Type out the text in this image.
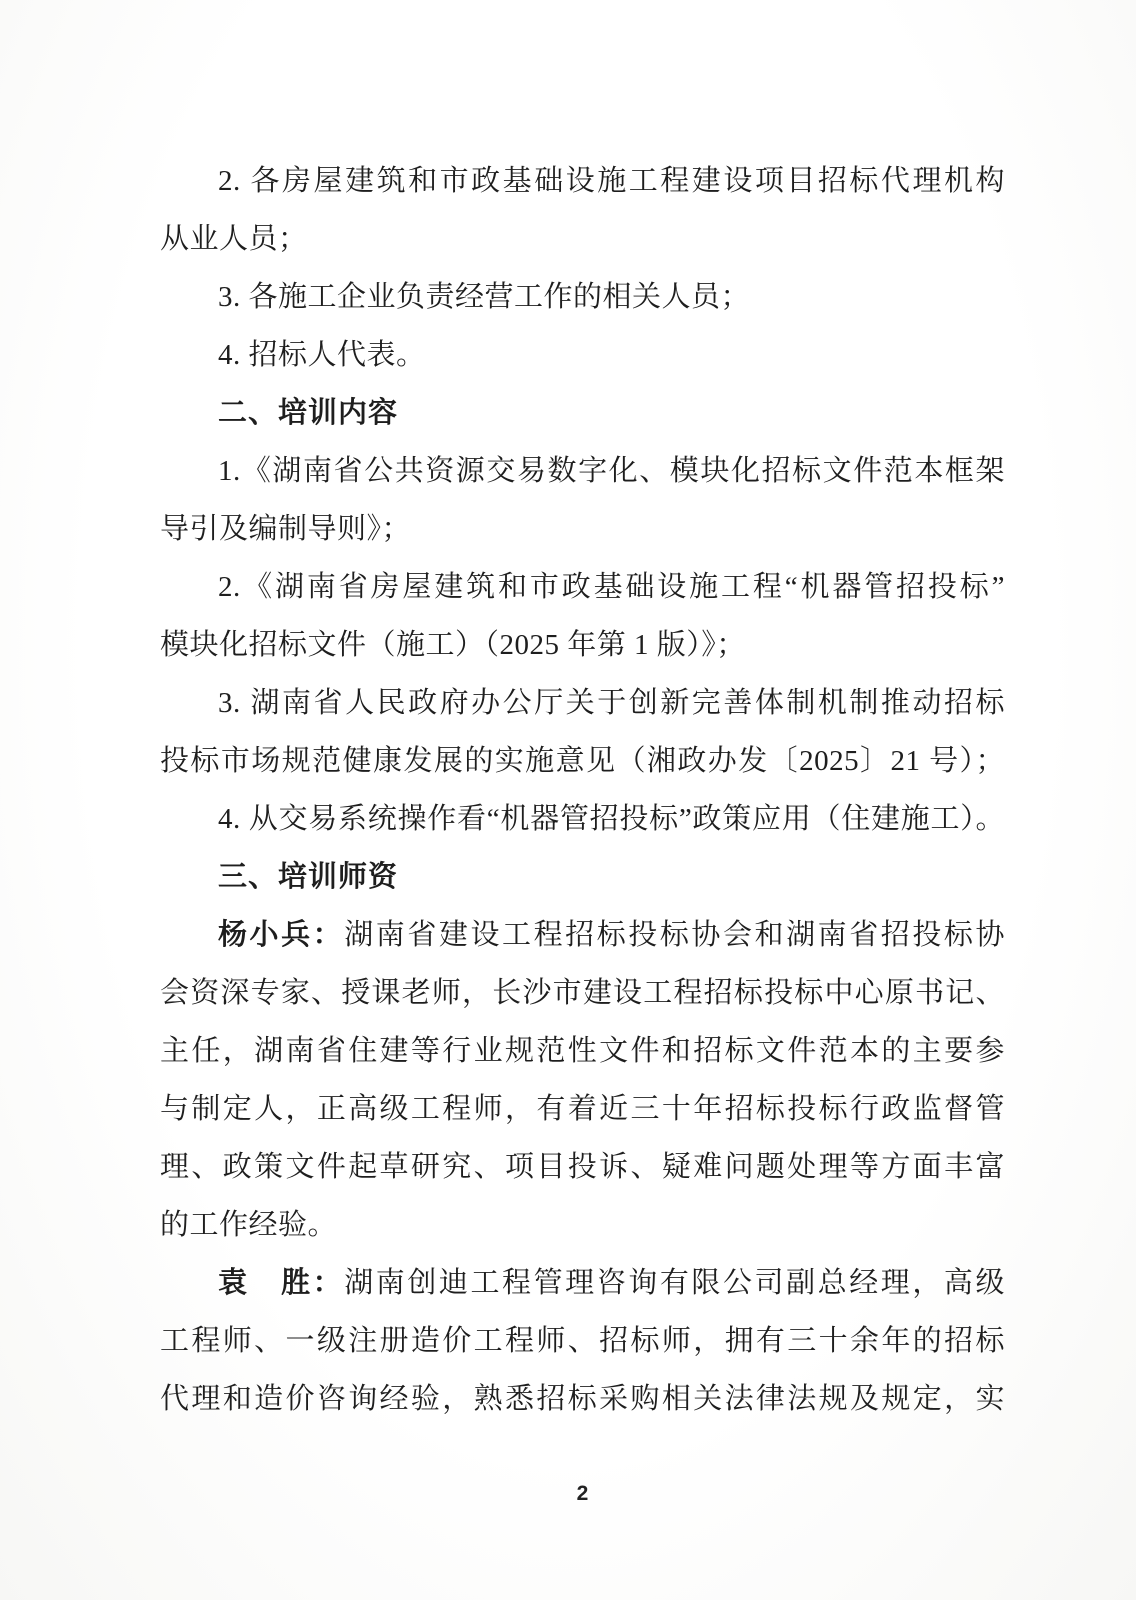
2. 各房屋建筑和市政基础设施工程建设项目招标代理机构
从业人员；
3. 各施工企业负责经营工作的相关人员；
4. 招标人代表。
二、培训内容
1.《湖南省公共资源交易数字化、模块化招标文件范本框架
导引及编制导则》；
2.《湖南省房屋建筑和市政基础设施工程“机器管招投标”
模块化招标文件（施工）（2025 年第 1 版）》；
3. 湖南省人民政府办公厅关于创新完善体制机制推动招标
投标市场规范健康发展的实施意见（湘政办发〔2025〕21 号）；
4. 从交易系统操作看“机器管招投标”政策应用（住建施工）。
三、培训师资
杨小兵：湖南省建设工程招标投标协会和湖南省招投标协
会资深专家、授课老师，长沙市建设工程招标投标中心原书记、
主任，湖南省住建等行业规范性文件和招标文件范本的主要参
与制定人，正高级工程师，有着近三十年招标投标行政监督管
理、政策文件起草研究、项目投诉、疑难问题处理等方面丰富
的工作经验。
袁　胜：湖南创迪工程管理咨询有限公司副总经理，高级
工程师、一级注册造价工程师、招标师，拥有三十余年的招标
代理和造价咨询经验，熟悉招标采购相关法律法规及规定，实
2
